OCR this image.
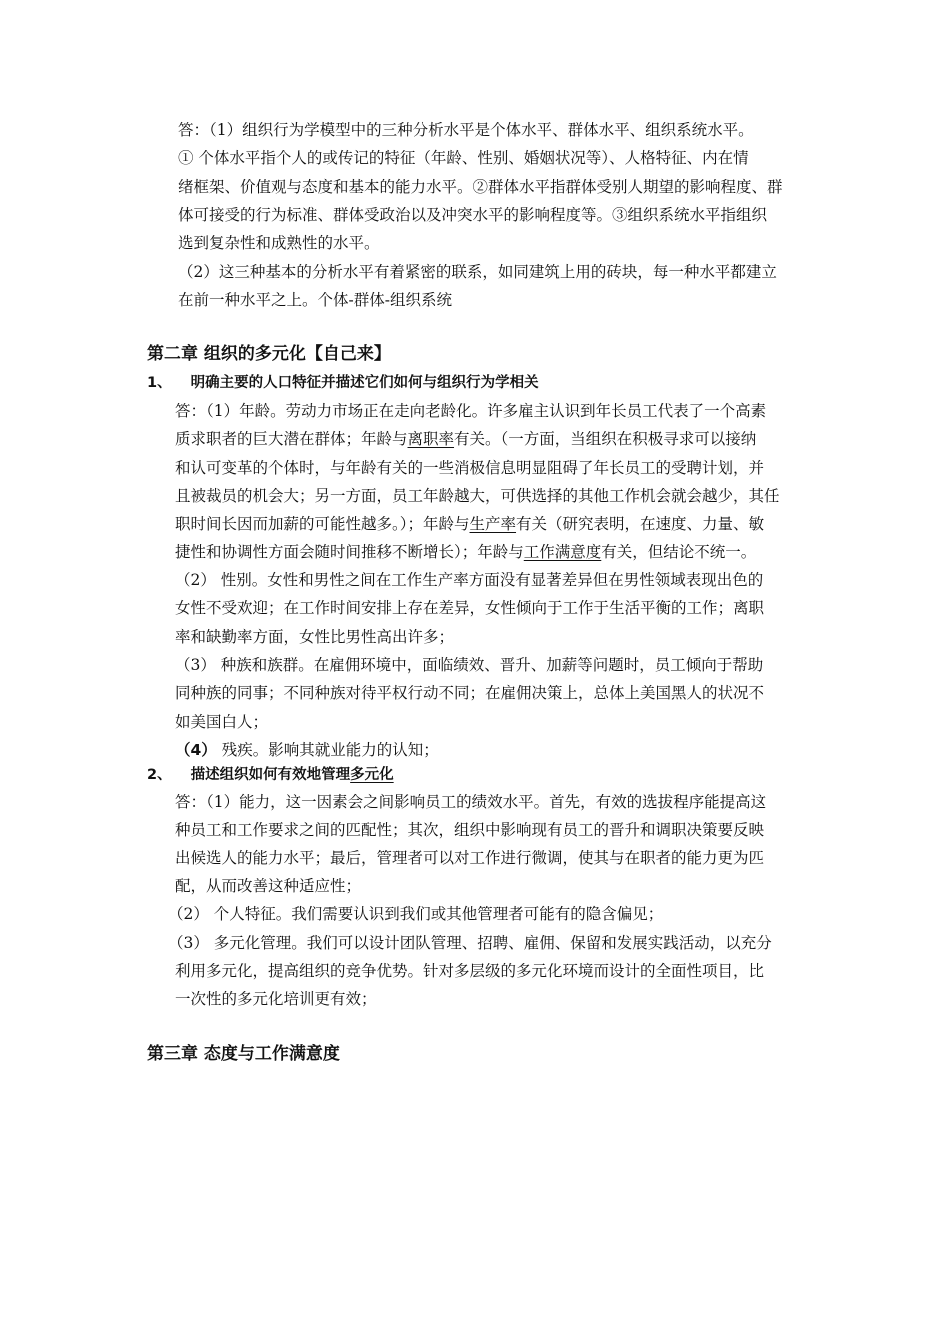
答：（1）组织行为学模型中的三种分析水平是个体水平、群体水平、组织系统水平。
① 个体水平指个人的或传记的特征（年龄、性别、婚姻状况等）、人格特征、内在情
绪框架、价值观与态度和基本的能力水平。②群体水平指群体受别人期望的影响程度、群
体可接受的行为标准、群体受政治以及冲突水平的影响程度等。③组织系统水平指组织
选到复杂性和成熟性的水平。
（2）这三种基本的分析水平有着紧密的联系，如同建筑上用的砖块，每一种水平都建立
在前一种水平之上。个体-群体-组织系统
第二章 组织的多元化【自己来】
1、 明确主要的人口特征并描述它们如何与组织行为学相关
答：（1）年龄。劳动力市场正在走向老龄化。许多雇主认识到年长员工代表了一个高素
质求职者的巨大潜在群体；年龄与离职率有关。（一方面，当组织在积极寻求可以接纳
和认可变革的个体时，与年龄有关的一些消极信息明显阻碍了年长员工的受聘计划，并
且被裁员的机会大；另一方面，员工年龄越大，可供选择的其他工作机会就会越少，其任
职时间长因而加薪的可能性越多。）；年龄与生产率有关（研究表明，在速度、力量、敏
捷性和协调性方面会随时间推移不断增长）；年龄与工作满意度有关，但结论不统一。
（2） 性别。女性和男性之间在工作生产率方面没有显著差异但在男性领域表现出色的
女性不受欢迎；在工作时间安排上存在差异，女性倾向于工作于生活平衡的工作；离职
率和缺勤率方面，女性比男性高出许多；
（3） 种族和族群。在雇佣环境中，面临绩效、晋升、加薪等问题时，员工倾向于帮助
同种族的同事；不同种族对待平权行动不同；在雇佣决策上，总体上美国黑人的状况不
如美国白人；
（4） 残疾。影响其就业能力的认知；
2、 描述组织如何有效地管理多元化
答：（1）能力，这一因素会之间影响员工的绩效水平。首先，有效的选拔程序能提高这
种员工和工作要求之间的匹配性；其次，组织中影响现有员工的晋升和调职决策要反映
出候选人的能力水平；最后，管理者可以对工作进行微调，使其与在职者的能力更为匹
配，从而改善这种适应性；
（2） 个人特征。我们需要认识到我们或其他管理者可能有的隐含偏见；
（3） 多元化管理。我们可以设计团队管理、招聘、雇佣、保留和发展实践活动，以充分
利用多元化，提高组织的竞争优势。针对多层级的多元化环境而设计的全面性项目，比
一次性的多元化培训更有效；
第三章 态度与工作满意度
